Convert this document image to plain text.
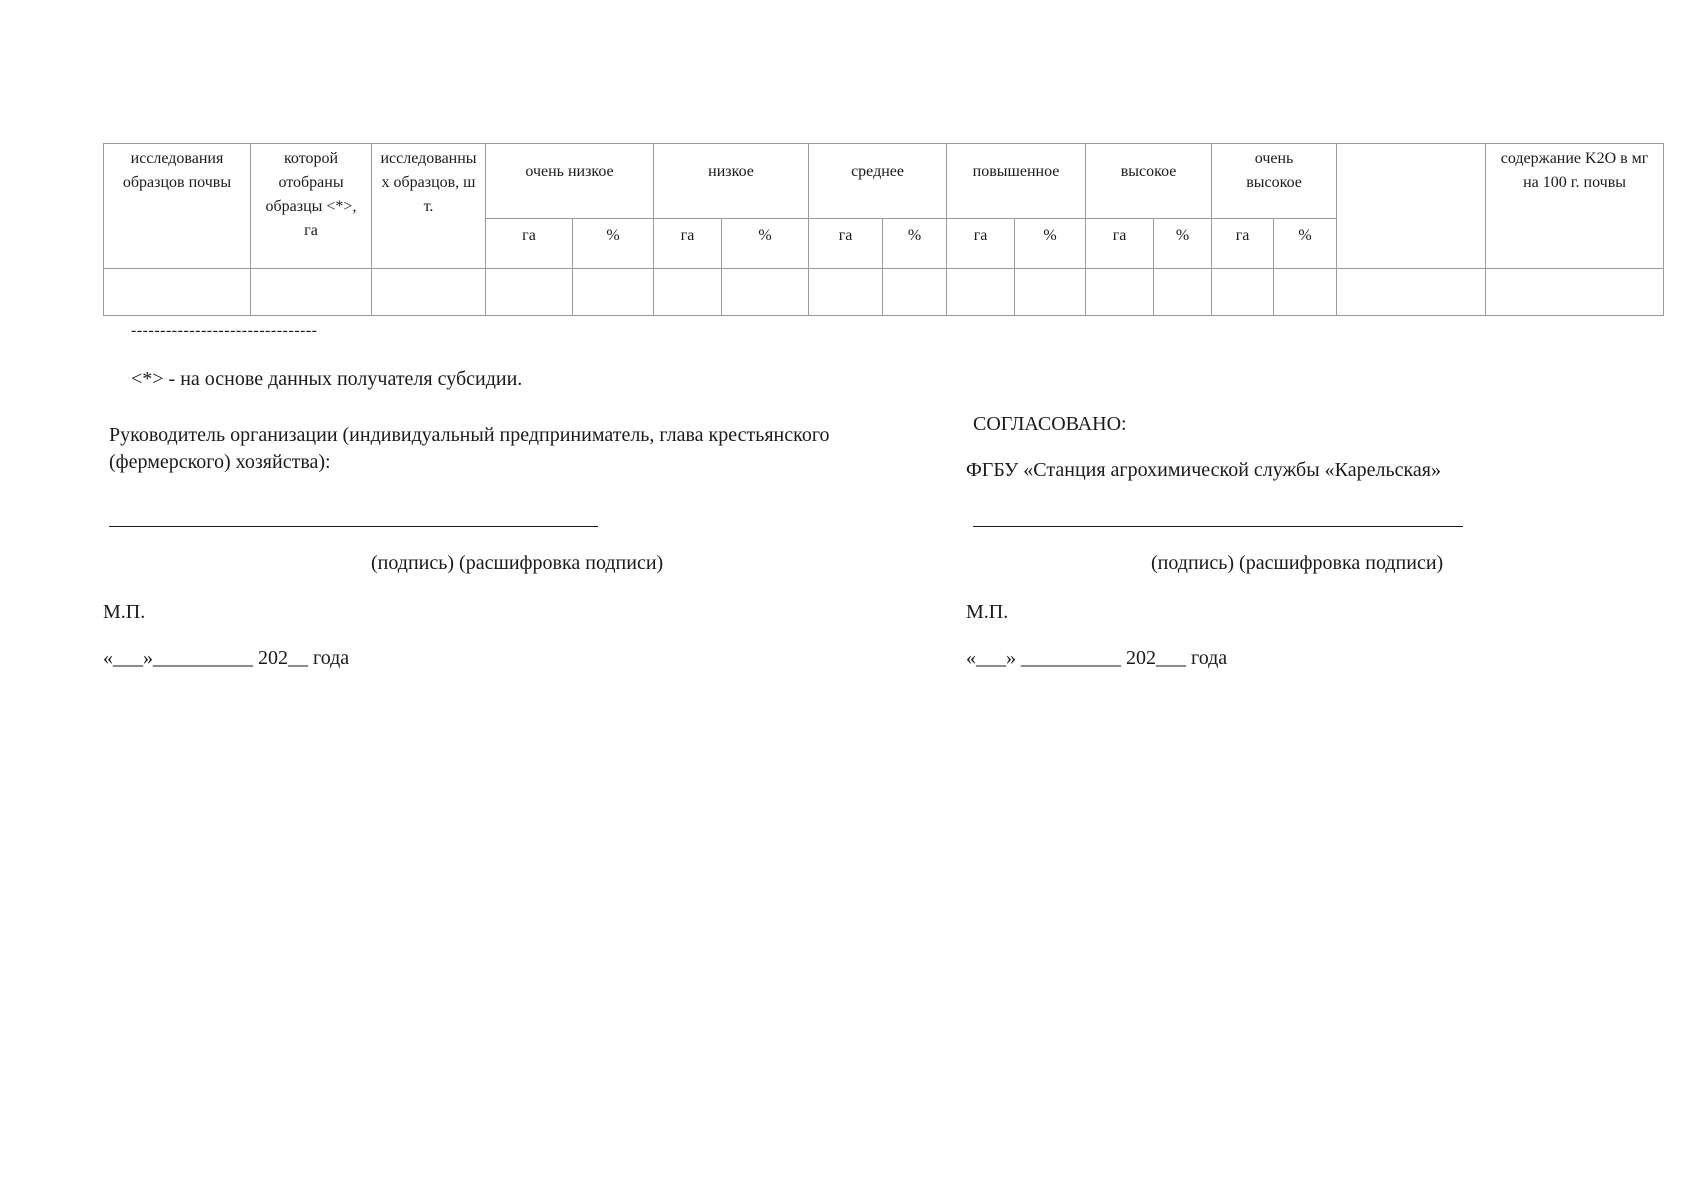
исследования образцов почвы	которой отобраны образцы <*>, га	исследованных образцов, шт.	очень низкое		низкое		среднее		повышенное		высокое		очень высокое			содержание K2O в мг на 100 г. почвы

			га	%	га	%	га	%	га	%	га	%	га	%		

--------------------------------
<*> - на основе данных получателя субсидии.
Руководитель организации (индивидуальный предприниматель, глава крестьянского
(фермерского) хозяйства):
(подпись) (расшифровка подписи)
М.П.
«___»__________ 202__ года
СОГЛАСОВАНО:
ФГБУ «Станция агрохимической службы «Карельская»
(подпись) (расшифровка подписи)
М.П.
«___» __________ 202___ года
